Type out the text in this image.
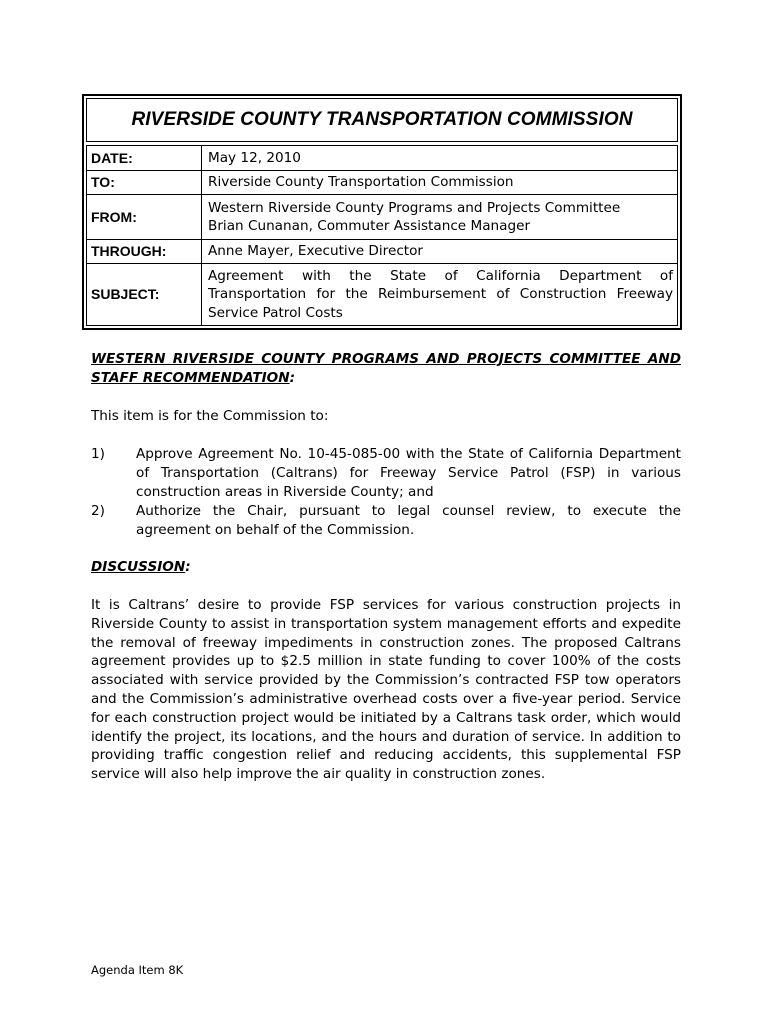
RIVERSIDE COUNTY TRANSPORTATION COMMISSION
DATE:	May 12, 2010
TO:	Riverside County Transportation Commission
FROM:	Western Riverside County Programs and Projects Committee
Brian Cunanan, Commuter Assistance Manager

THROUGH:	Anne Mayer, Executive Director
SUBJECT:	Agreement with the State of California Department of Transportation for the Reimbursement of Construction Freeway Service Patrol Costs
WESTERN RIVERSIDE COUNTY PROGRAMS AND PROJECTS COMMITTEE AND STAFF RECOMMENDATION:
This item is for the Commission to:
1)	Approve Agreement No. 10-45-085-00 with the State of California Department of Transportation (Caltrans) for Freeway Service Patrol (FSP) in various construction areas in Riverside County; and
2)	Authorize the Chair, pursuant to legal counsel review, to execute the agreement on behalf of the Commission.
DISCUSSION:
It is Caltrans’ desire to provide FSP services for various construction projects in Riverside County to assist in transportation system management efforts and expedite the removal of freeway impediments in construction zones. The proposed Caltrans agreement provides up to $2.5 million in state funding to cover 100% of the costs associated with service provided by the Commission’s contracted FSP tow operators and the Commission’s administrative overhead costs over a five-year period. Service for each construction project would be initiated by a Caltrans task order, which would identify the project, its locations, and the hours and duration of service. In addition to providing traffic congestion relief and reducing accidents, this supplemental FSP service will also help improve the air quality in construction zones.
Agenda Item 8K
